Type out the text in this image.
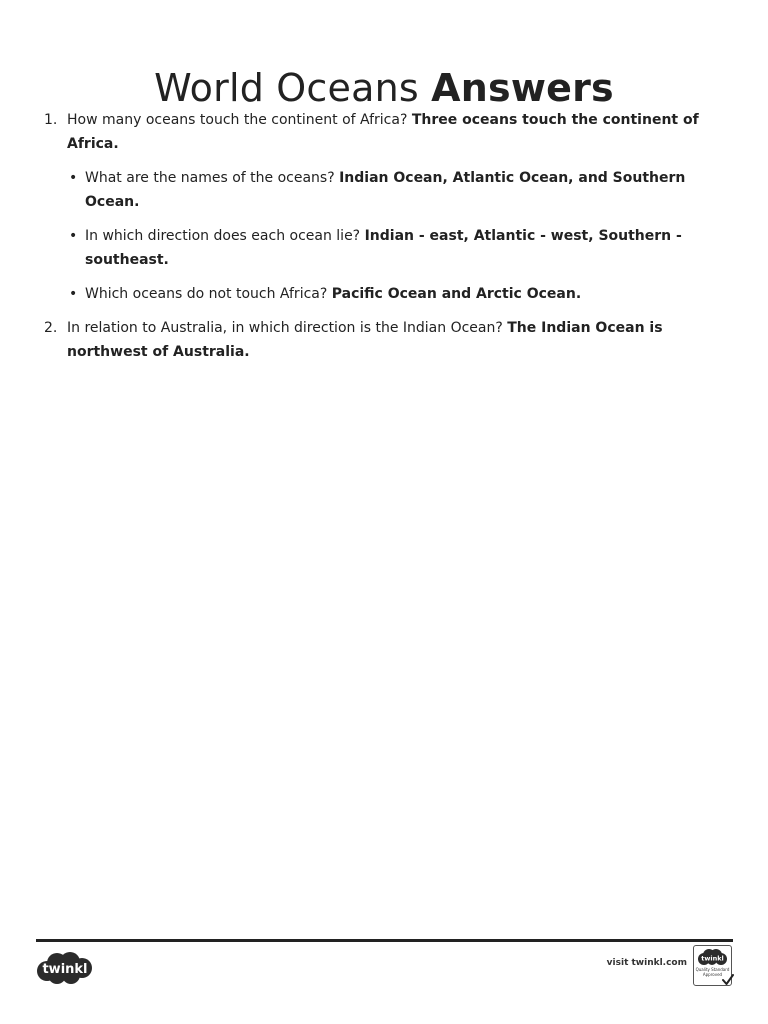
World Oceans Answers
1. How many oceans touch the continent of Africa? Three oceans touch the continent of Africa.
• What are the names of the oceans? Indian Ocean, Atlantic Ocean, and Southern Ocean.
• In which direction does each ocean lie? Indian - east, Atlantic - west, Southern - southeast.
• Which oceans do not touch Africa? Pacific Ocean and Arctic Ocean.
2. In relation to Australia, in which direction is the Indian Ocean? The Indian Ocean is northwest of Australia.
twinkl	visit twinkl.com twinkl
Quality Standard
Approved
